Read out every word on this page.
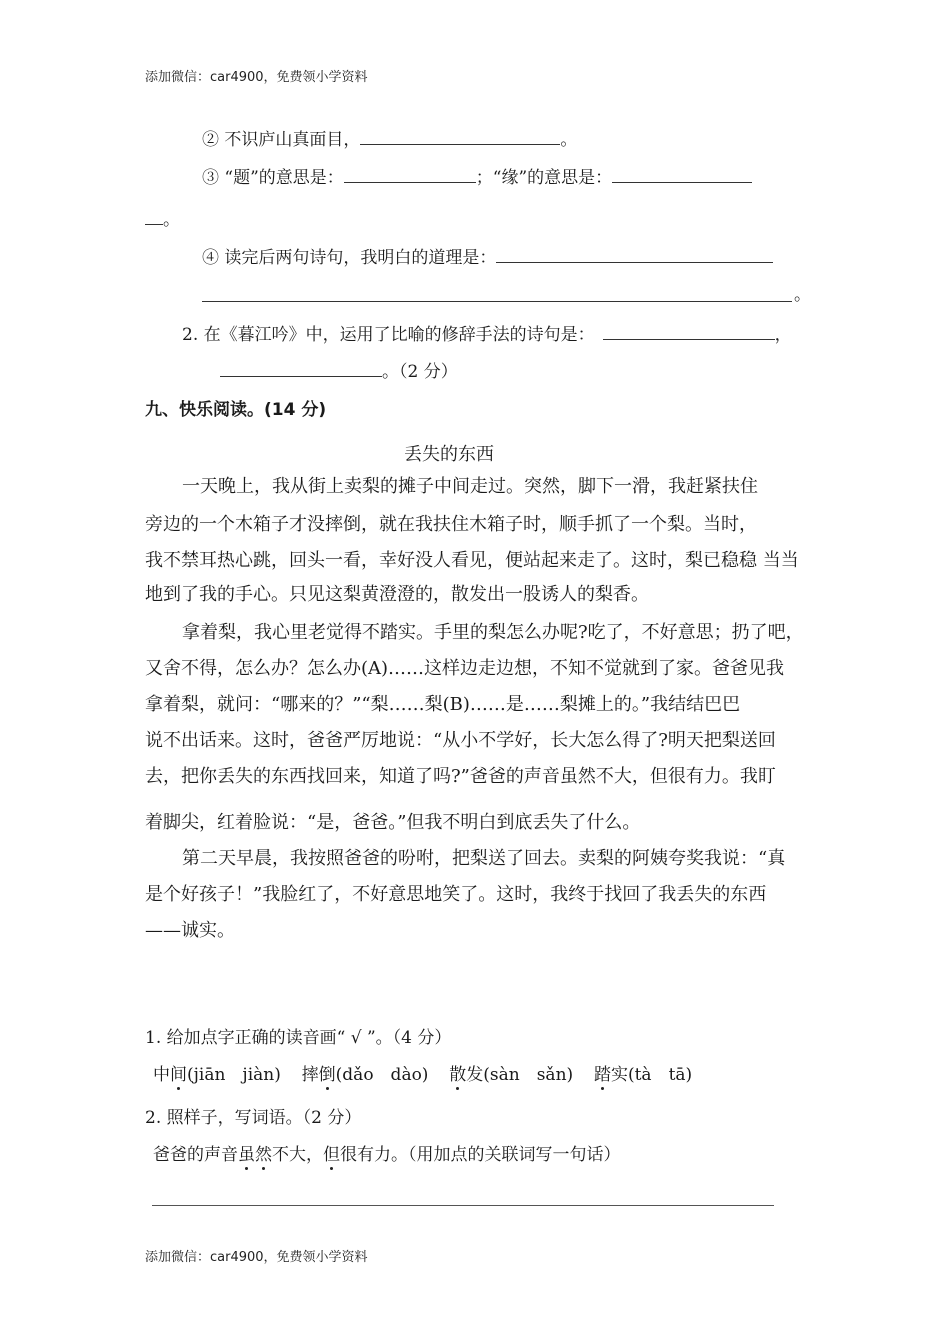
添加微信：car4900，免费领小学资料
② 不识庐山真面目，	。
③ “题”的意思是：	；“缘”的意思是：
。
④ 读完后两句诗句，我明白的道理是：
。
2. 在《暮江吟》中，运用了比喻的修辞手法的诗句是：	，
。（2 分）
九、快乐阅读。(14 分)
丢失的东西
一天晚上，我从街上卖梨的摊子中间走过。突然，脚下一滑，我赶紧扶住
旁边的一个木箱子才没摔倒，就在我扶住木箱子时，顺手抓了一个梨。当时，
我不禁耳热心跳，回头一看，幸好没人看见，便站起来走了。这时，梨已稳稳 当当
地到了我的手心。只见这梨黄澄澄的，散发出一股诱人的梨香。
拿着梨，我心里老觉得不踏实。手里的梨怎么办呢?吃了，不好意思；扔了吧，
又舍不得，怎么办？怎么办(A)……这样边走边想，不知不觉就到了家。爸爸见我
拿着梨，就问：“哪来的？”“梨……梨(B)……是……梨摊上的。”我结结巴巴
说不出话来。这时，爸爸严厉地说：“从小不学好，长大怎么得了?明天把梨送回
去，把你丢失的东西找回来，知道了吗?”爸爸的声音虽然不大，但很有力。我盯
着脚尖，红着脸说：“是，爸爸。”但我不明白到底丢失了什么。
第二天早晨，我按照爸爸的吩咐，把梨送了回去。卖梨的阿姨夸奖我说：“真
是个好孩子！”我脸红了，不好意思地笑了。这时，我终于找回了我丢失的东西
——诚实。
1. 给加点字正确的读音画“ √ ”。（4 分）
中间(jiān　jiàn) 摔倒(dǎo　dào) 散发(sàn　sǎn) 踏实(tà　tā)
2. 照样子，写词语。（2 分）
爸爸的声音虽然不大，但很有力。（用加点的关联词写一句话）
添加微信：car4900，免费领小学资料
